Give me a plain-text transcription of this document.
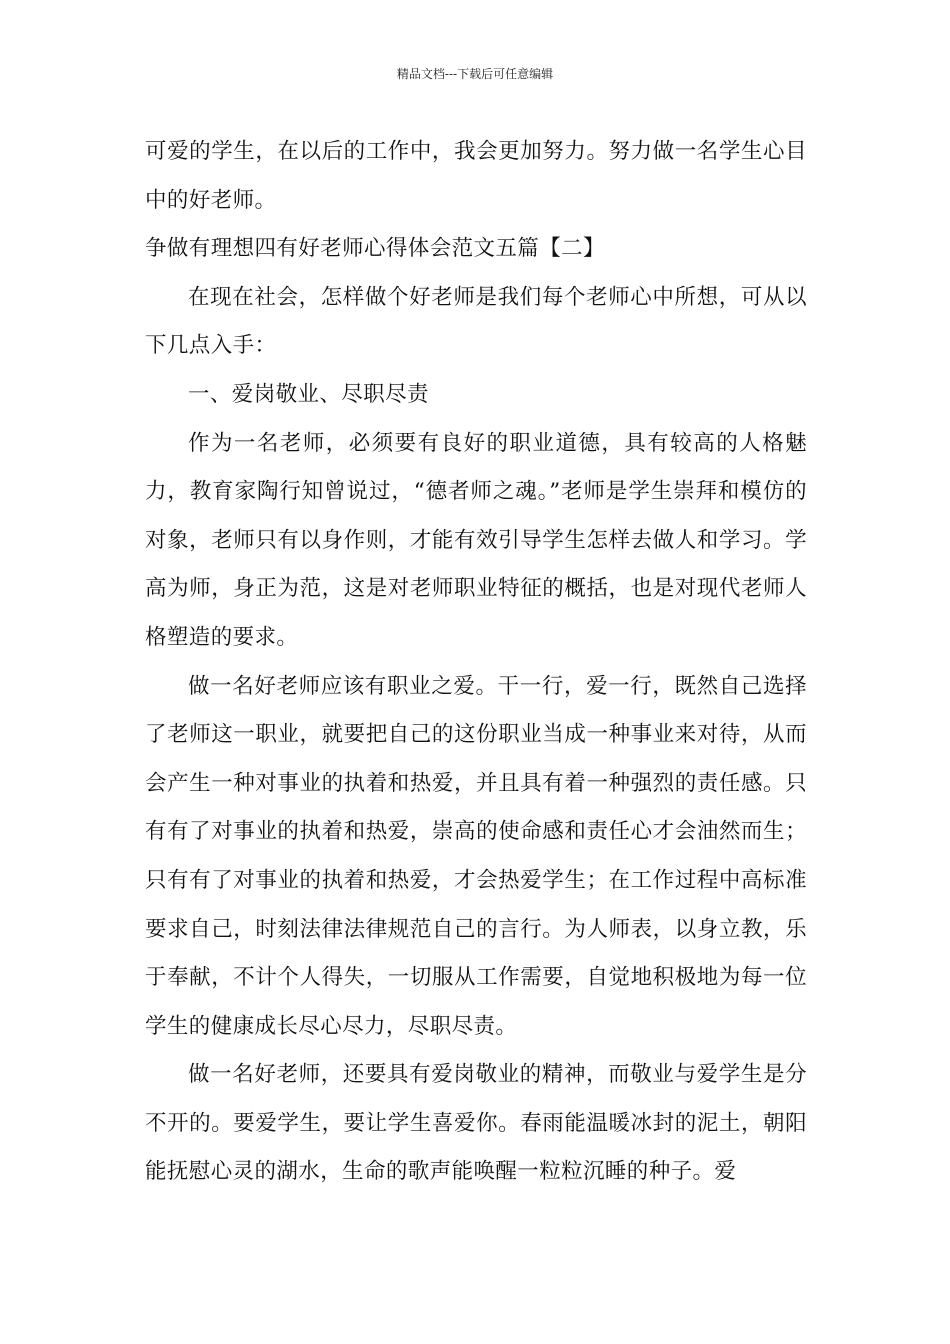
精品文档---下载后可任意编辑

可爱的学生，在以后的工作中，我会更加努力。努力做一名学生心目中的好老师。

争做有理想四有好老师心得体会范文五篇【二】

在现在社会，怎样做个好老师是我们每个老师心中所想，可从以下几点入手：

一、爱岗敬业、尽职尽责

作为一名老师，必须要有良好的职业道德，具有较高的人格魅力，教育家陶行知曾说过，“德者师之魂。”老师是学生崇拜和模仿的对象，老师只有以身作则，才能有效引导学生怎样去做人和学习。学高为师，身正为范，这是对老师职业特征的概括，也是对现代老师人格塑造的要求。

做一名好老师应该有职业之爱。干一行，爱一行，既然自己选择了老师这一职业，就要把自己的这份职业当成一种事业来对待，从而会产生一种对事业的执着和热爱，并且具有着一种强烈的责任感。只有有了对事业的执着和热爱，崇高的使命感和责任心才会油然而生；只有有了对事业的执着和热爱，才会热爱学生；在工作过程中高标准要求自己，时刻法律法律规范自己的言行。为人师表，以身立教，乐于奉献，不计个人得失，一切服从工作需要，自觉地积极地为每一位学生的健康成长尽心尽力，尽职尽责。

做一名好老师，还要具有爱岗敬业的精神，而敬业与爱学生是分不开的。要爱学生，要让学生喜爱你。春雨能温暖冰封的泥土，朝阳能抚慰心灵的湖水，生命的歌声能唤醒一粒粒沉睡的种子。爱
